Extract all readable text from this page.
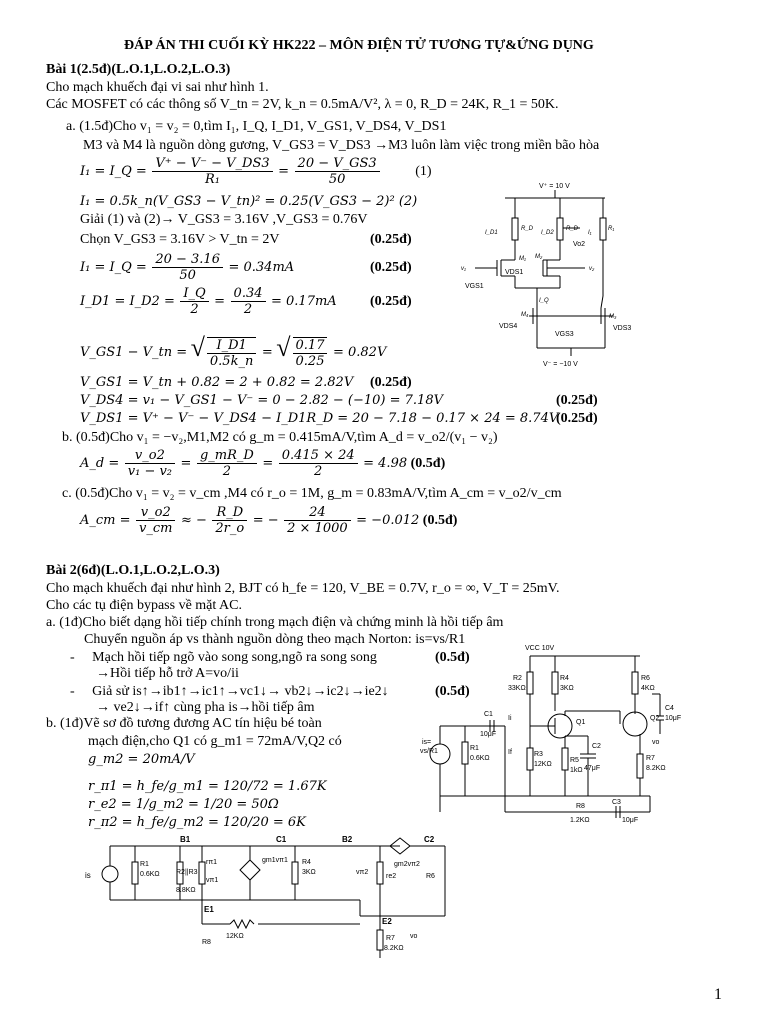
ĐÁP ÁN THI CUỐI KỲ HK222 – MÔN ĐIỆN TỬ TƯƠNG TỰ&ỨNG DỤNG
Bài 1(2.5đ)(L.O.1,L.O.2,L.O.3)
Cho mạch khuếch đại vi sai như hình 1.
Các MOSFET có các thông số V_tn = 2V, k_n = 0.5mA/V², λ = 0, R_D = 24K, R_1 = 50K.
a. (1.5đ)Cho v₁ = v₂ = 0,tìm I₁, I_Q, I_D1, V_GS1, V_DS4, V_DS1
M3 và M4 là nguồn dòng gương, V_GS3 = V_DS3 →M3 luôn làm việc trong miền bão hòa
I₁ = I_Q = $\frac{V^+ - V^- - V\_DS3}{\text{R₁}} = \frac{20 - V\_GS3}{50}$	(1)
I₁ = 0.5k_n(V_GS3 − V_tn)² = 0.25(V_GS3 − 2)² (2)
Giải (1) và (2)→ V_GS3 = 3.16V ,V_GS3 = 0.76V
Chọn V_GS3 = 3.16V > V_tn = 2V	(0.25đ)
I₁ = I_Q = $\frac{20 - 3.16}{50} = 0.34mA$	(0.25đ)
I_D1 = I_D2 = $\frac{I\_Q}{2} = \frac{0.34}{2} = 0.17mA$ (0.25đ)
V_GS1 − V_tn = √ $\frac{I\_D1}{0.5k\_n}$ = √ $\frac{0.17}{0.25} = 0.82V$
V_GS1 = V_tn + 0.82 = 2 + 0.82 = 2.82V (0.25đ)
V_DS4 = v₁ − V_GS1 − V⁻ = 0 − 2.82 − (−10) = 7.18V	(0.25đ)
V_DS1 = V⁺ − V⁻ − V_DS4 − I_D1R_D = 20 − 7.18 − 0.17 × 24 = 8.74V
(0.25đ)
b. (0.5đ)Cho v₁ = −v₂,M1,M2 có g_m = 0.415mA/V,tìm A_d = v_o2/(v₁ − v₂)
A_d = $\frac{v\_o2}{\text{v₁ − v₂}} = \frac{g\_mR\_D}{2} = \frac{0.415 \times 24}{2} = 4.98$ (0.5đ)
c. (0.5đ)Cho v₁ = v₂ = v_cm ,M4 có r_o = 1M, g_m = 0.83mA/V,tìm A_cm = v_o2/v_cm
A_cm = $\frac{v\_o2}{v\_cm}$ ≈ − $\frac{R\_D}{2r\_o}$ = − $\frac{24}{2 \times 1000} = -0.012$ (0.5đ)
V⁺ = 10 V
V⁻ = −10 V
I_D1
R_D
I_D2
R_D
I₁
R₁
Vo2
v₁	v₂
M₁ M₂
VDS1
VGS1
I_Q
VDS4
M₄	M₃
VGS3
VDS3
Bài 2(6đ)(L.O.1,L.O.2,L.O.3)
Cho mạch khuếch đại như hình 2, BJT có h_fe = 120, V_BE = 0.7V, r_o = ∞, V_T = 25mV.
Cho các tụ điện bypass về mặt AC.
a. (1đ)Cho biết dạng hồi tiếp chính trong mạch điện và chứng minh là hồi tiếp âm
Chuyển nguồn áp vs thành nguồn dòng theo mạch Norton: is=vs/R1
-     Mạch hồi tiếp ngõ vào song song,ngõ ra song song	(0.5đ)
→Hồi tiếp hỗ trở A=vo/ii
-     Giả sử is↑→ib1↑→ic1↑→vc1↓→ vb2↓→ic2↓→ie2↓	(0.5đ)
→ ve2↓→if↑ cùng pha is→hồi tiếp âm
b. (1đ)Vẽ sơ đồ tương đương AC tín hiệu bé toàn
mạch điện,cho Q1 có g_m1 = 72mA/V,Q2 có
g_m2 = 20mA/V
r_π1 = h_fe/g_m1 = 120/72 = 1.67K
r_e2 = 1/g_m2 = 1/20 = 50Ω
r_π2 = h_fe/g_m2 = 120/20 = 6K
VCC 10V
R2
33KΩ
R4
3KΩ
R6
4KΩ
C4
10μF
C1
10μF
Ii
Q1
Q2
is=
vs/R1	R1
0.6KΩ
If	R3
12KΩ
R5
1kΩ
C2
47μF
vo
R7
8.2KΩ
R8
1.2KΩ
C3
10μF
B1	C1	B2	C2
is
R1
0.6KΩ R2||R3
8.8KΩ
rπ1
vπ1
gm1vπ1 R4
3KΩ	vπ2
re2
gm2vπ2
R6
E1
E2
R8
12KΩ	vo
R7
8.2KΩ
1
